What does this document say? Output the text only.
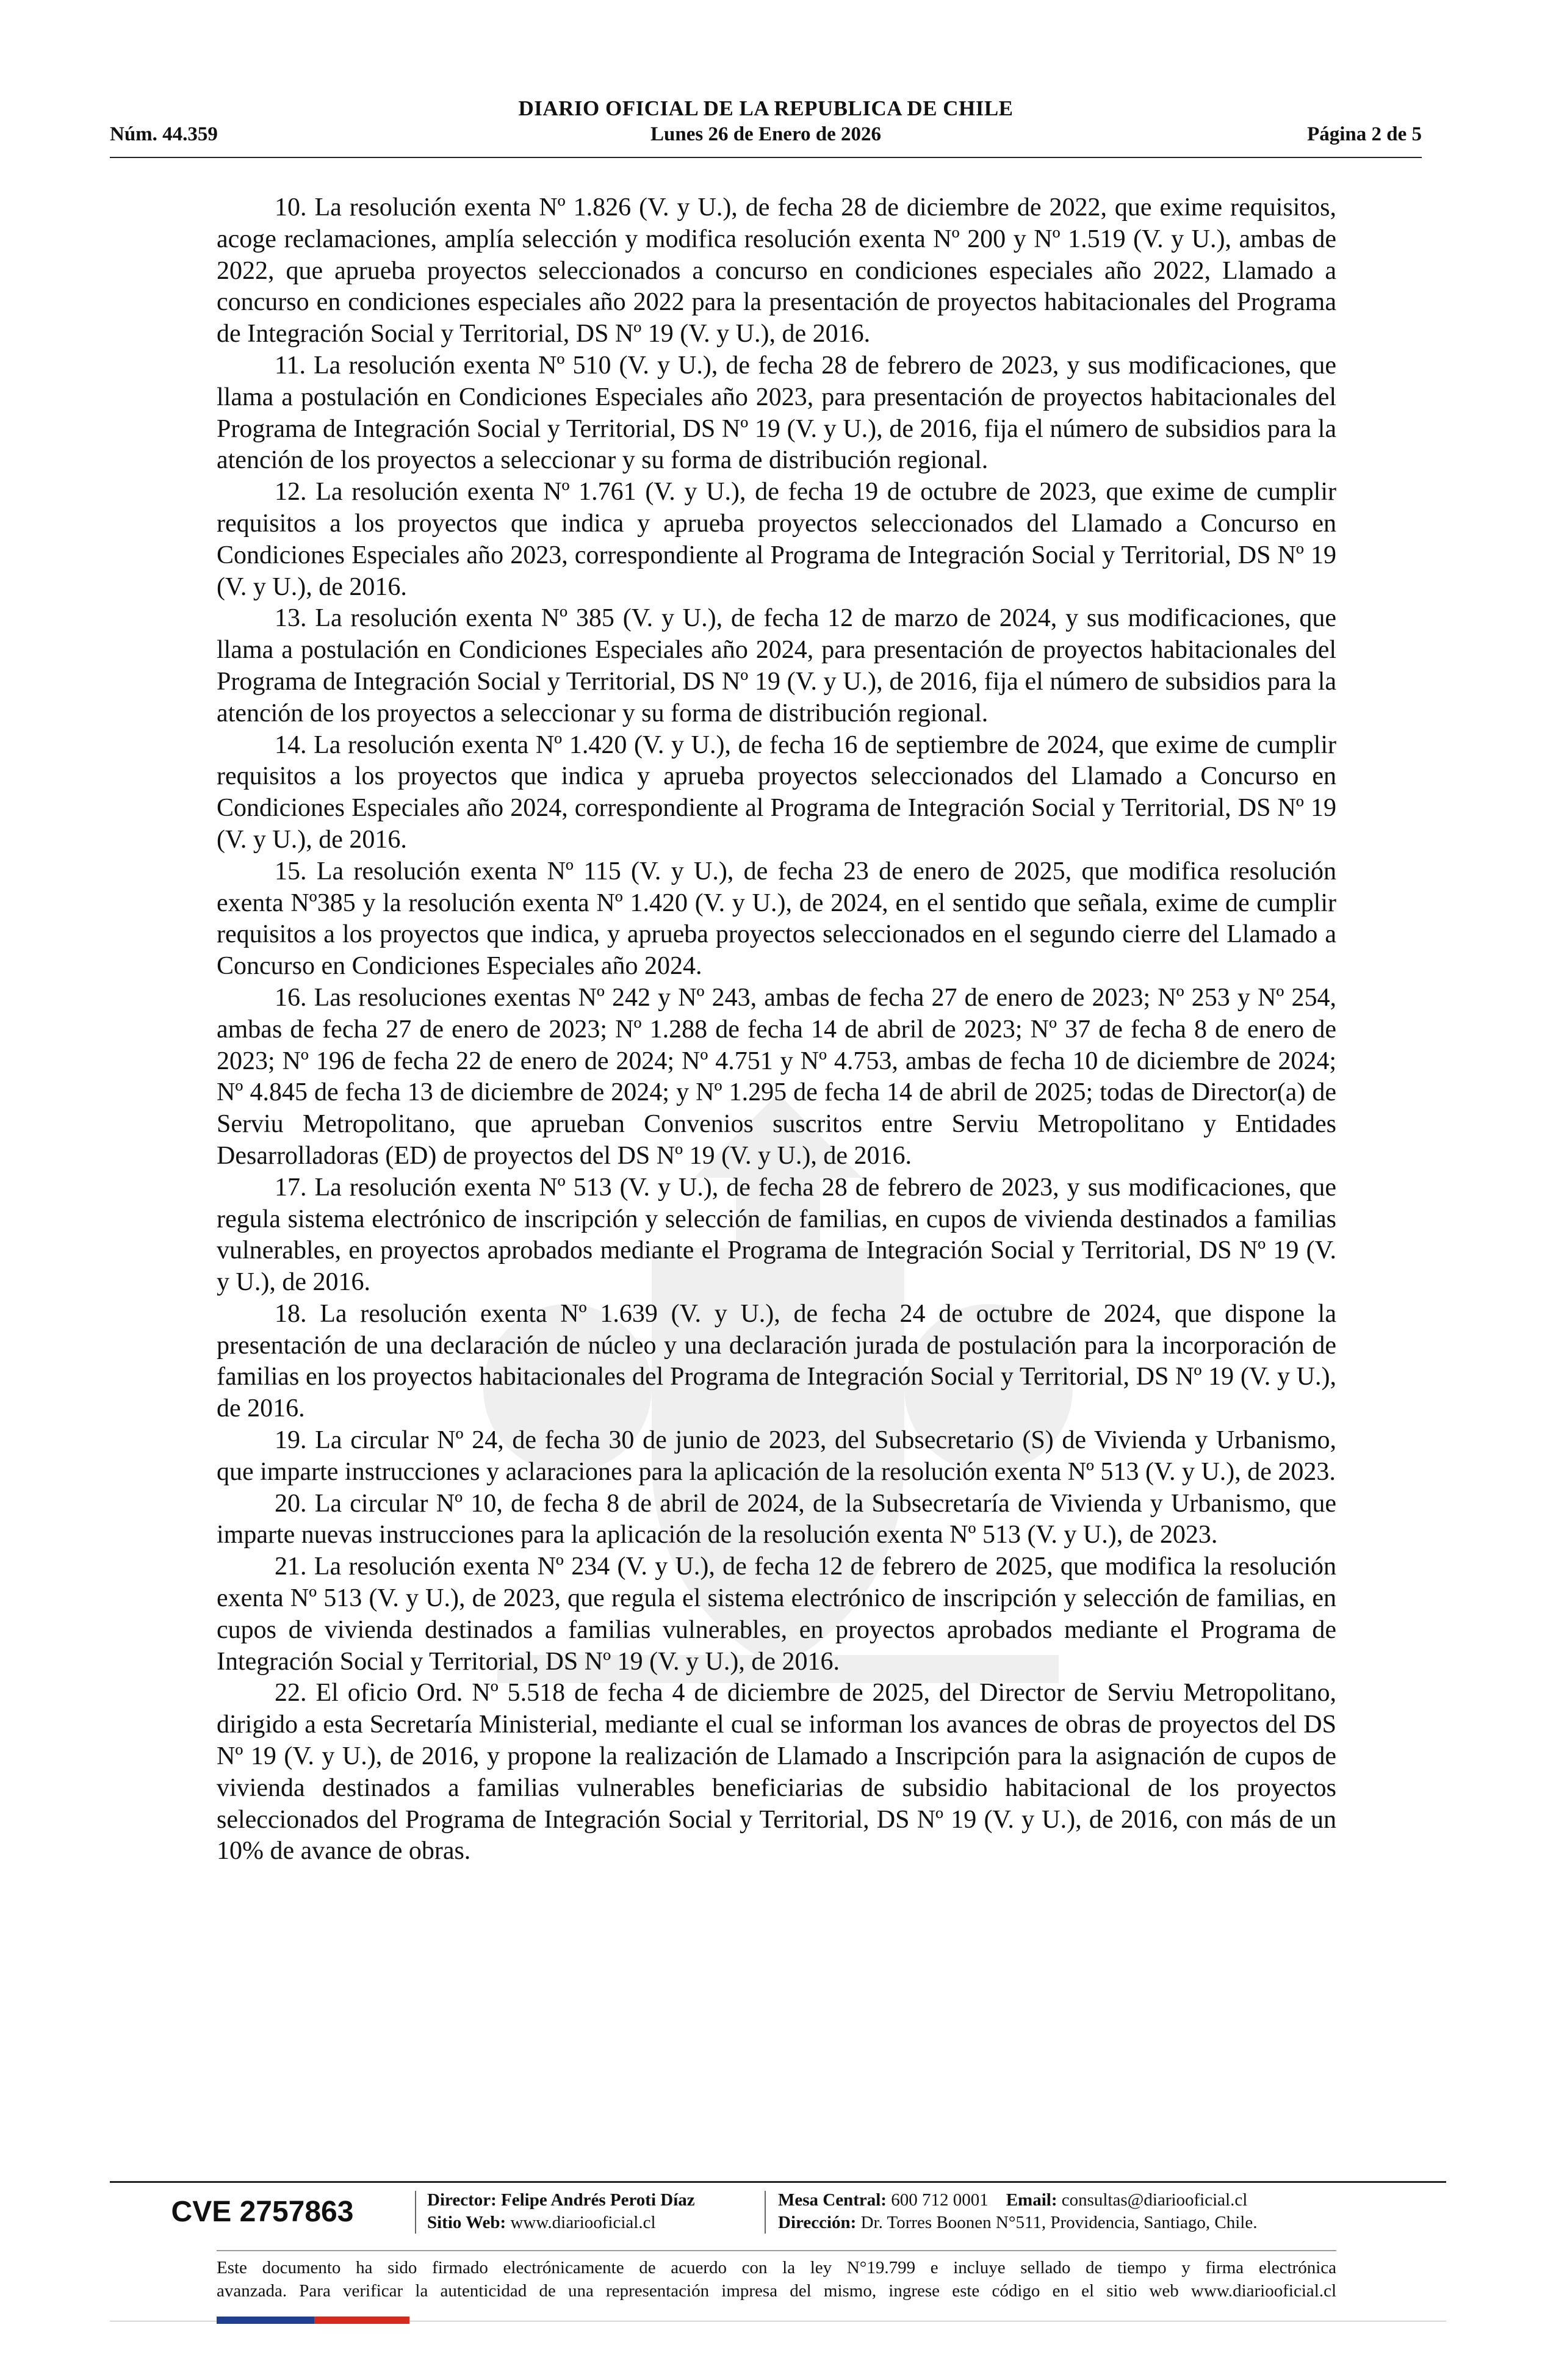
DIARIO OFICIAL DE LA REPUBLICA DE CHILE
Núm. 44.359	Lunes 26 de Enero de 2026	Página 2 de 5

10. La resolución exenta Nº 1.826 (V. y U.), de fecha 28 de diciembre de 2022, que exime requisitos, acoge reclamaciones, amplía selección y modifica resolución exenta Nº 200 y Nº 1.519 (V. y U.), ambas de 2022, que aprueba proyectos seleccionados a concurso en condiciones especiales año 2022, Llamado a concurso en condiciones especiales año 2022 para la presentación de proyectos habitacionales del Programa de Integración Social y Territorial, DS Nº 19 (V. y U.), de 2016.

11. La resolución exenta Nº 510 (V. y U.), de fecha 28 de febrero de 2023, y sus modificaciones, que llama a postulación en Condiciones Especiales año 2023, para presentación de proyectos habitacionales del Programa de Integración Social y Territorial, DS Nº 19 (V. y U.), de 2016, fija el número de subsidios para la atención de los proyectos a seleccionar y su forma de distribución regional.

12. La resolución exenta Nº 1.761 (V. y U.), de fecha 19 de octubre de 2023, que exime de cumplir requisitos a los proyectos que indica y aprueba proyectos seleccionados del Llamado a Concurso en Condiciones Especiales año 2023, correspondiente al Programa de Integración Social y Territorial, DS Nº 19 (V. y U.), de 2016.

13. La resolución exenta Nº 385 (V. y U.), de fecha 12 de marzo de 2024, y sus modificaciones, que llama a postulación en Condiciones Especiales año 2024, para presentación de proyectos habitacionales del Programa de Integración Social y Territorial, DS Nº 19 (V. y U.), de 2016, fija el número de subsidios para la atención de los proyectos a seleccionar y su forma de distribución regional.

14. La resolución exenta Nº 1.420 (V. y U.), de fecha 16 de septiembre de 2024, que exime de cumplir requisitos a los proyectos que indica y aprueba proyectos seleccionados del Llamado a Concurso en Condiciones Especiales año 2024, correspondiente al Programa de Integración Social y Territorial, DS Nº 19 (V. y U.), de 2016.

15. La resolución exenta Nº 115 (V. y U.), de fecha 23 de enero de 2025, que modifica resolución exenta Nº385 y la resolución exenta Nº 1.420 (V. y U.), de 2024, en el sentido que señala, exime de cumplir requisitos a los proyectos que indica, y aprueba proyectos seleccionados en el segundo cierre del Llamado a Concurso en Condiciones Especiales año 2024.

16. Las resoluciones exentas Nº 242 y Nº 243, ambas de fecha 27 de enero de 2023; Nº 253 y Nº 254, ambas de fecha 27 de enero de 2023; Nº 1.288 de fecha 14 de abril de 2023; Nº 37 de fecha 8 de enero de 2023; Nº 196 de fecha 22 de enero de 2024; Nº 4.751 y Nº 4.753, ambas de fecha 10 de diciembre de 2024; Nº 4.845 de fecha 13 de diciembre de 2024; y Nº 1.295 de fecha 14 de abril de 2025; todas de Director(a) de Serviu Metropolitano, que aprueban Convenios suscritos entre Serviu Metropolitano y Entidades Desarrolladoras (ED) de proyectos del DS Nº 19 (V. y U.), de 2016.

17. La resolución exenta Nº 513 (V. y U.), de fecha 28 de febrero de 2023, y sus modificaciones, que regula sistema electrónico de inscripción y selección de familias, en cupos de vivienda destinados a familias vulnerables, en proyectos aprobados mediante el Programa de Integración Social y Territorial, DS Nº 19 (V. y U.), de 2016.

18. La resolución exenta Nº 1.639 (V. y U.), de fecha 24 de octubre de 2024, que dispone la presentación de una declaración de núcleo y una declaración jurada de postulación para la incorporación de familias en los proyectos habitacionales del Programa de Integración Social y Territorial, DS Nº 19 (V. y U.), de 2016.

19. La circular Nº 24, de fecha 30 de junio de 2023, del Subsecretario (S) de Vivienda y Urbanismo, que imparte instrucciones y aclaraciones para la aplicación de la resolución exenta Nº 513 (V. y U.), de 2023.

20. La circular Nº 10, de fecha 8 de abril de 2024, de la Subsecretaría de Vivienda y Urbanismo, que imparte nuevas instrucciones para la aplicación de la resolución exenta Nº 513 (V. y U.), de 2023.

21. La resolución exenta Nº 234 (V. y U.), de fecha 12 de febrero de 2025, que modifica la resolución exenta Nº 513 (V. y U.), de 2023, que regula el sistema electrónico de inscripción y selección de familias, en cupos de vivienda destinados a familias vulnerables, en proyectos aprobados mediante el Programa de Integración Social y Territorial, DS Nº 19 (V. y U.), de 2016.

22. El oficio Ord. Nº 5.518 de fecha 4 de diciembre de 2025, del Director de Serviu Metropolitano, dirigido a esta Secretaría Ministerial, mediante el cual se informan los avances de obras de proyectos del DS Nº 19 (V. y U.), de 2016, y propone la realización de Llamado a Inscripción para la asignación de cupos de vivienda destinados a familias vulnerables beneficiarias de subsidio habitacional de los proyectos seleccionados del Programa de Integración Social y Territorial, DS Nº 19 (V. y U.), de 2016, con más de un 10% de avance de obras.

CVE 2757863	Director: Felipe Andrés Peroti Díaz
Sitio Web: www.diariooficial.cl
Mesa Central: 600 712 0001 Email: consultas@diariooficial.cl
Dirección: Dr. Torres Boonen N°511, Providencia, Santiago, Chile.
Este documento ha sido firmado electrónicamente de acuerdo con la ley N°19.799 e incluye sellado de tiempo y firma electrónica
avanzada. Para verificar la autenticidad de una representación impresa del mismo, ingrese este código en el sitio web www.diariooficial.cl
